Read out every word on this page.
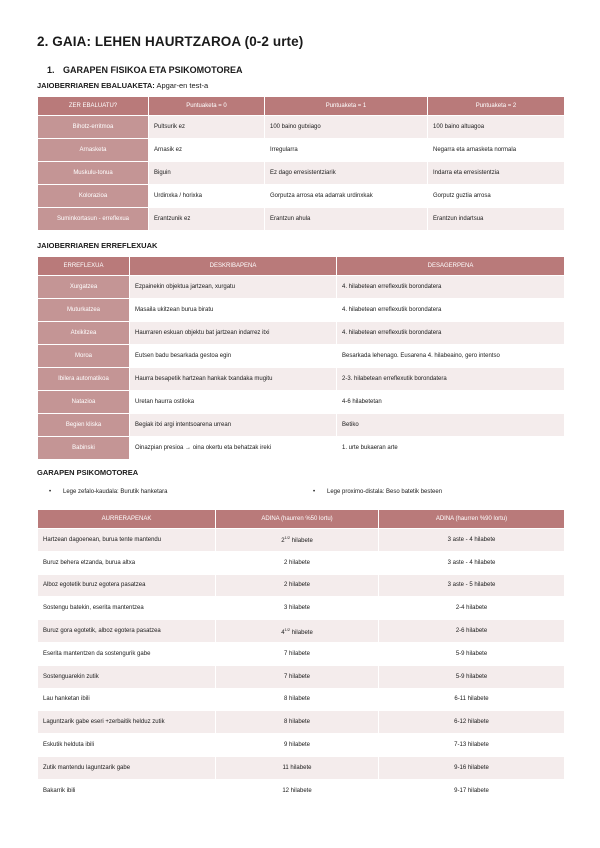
2. GAIA: LEHEN HAURTZAROA (0-2 urte)

1. GARAPEN FISIKOA ETA PSIKOMOTOREA

JAIOBERRIAREN EBALUAKETA: Apgar-en test-a

ZER EBALUATU?	Puntuaketa = 0	Puntuaketa = 1	Puntuaketa = 2
Bihotz-erritmoa	Pultsurik ez	100 baino gutxiago	100 baino altuagoa
Arnasketa	Arnasik ez	Irregularra	Negarra eta arnasketa normala
Muskulu-tonua	Biguin	Ez dago erresistentziarik	Indarra eta erresistentzia
Kolorazioa	Urdinxka / horixka	Gorputza arrosa eta adarrak urdinxkak	Gorputz guztia arrosa
Suminkortasun - erreflexua	Erantzunik ez	Erantzun ahula	Erantzun indartsua

JAIOBERRIAREN ERREFLEXUAK

ERREFLEXUA	DESKRIBAPENA	DESAGERPENA
Xurgatzea	Ezpainekin objektua jartzean, xurgatu	4. hilabetean erreflexutik borondatera
Muturkatzea	Masaila ukitzean burua biratu	4. hilabetean erreflexutik borondatera
Atxikitzea	Haurraren eskuan objektu bat jartzean indarrez itxi	4. hilabetean erreflexutik borondatera
Moroa	Eutsen badu besarkada gestoa egin	Besarkada lehenago. Eusarena 4. hilabeaino, gero intentso
Ibilera automatikoa	Haurra besapetik hartzean hankak txandaka mugitu	2-3. hilabetean erreflexutik borondatera
Natazioa	Uretan haurra ostiloka	4-6 hilabetetan
Begien kliska	Begiak itxi argi intentsoarena urrean	Betiko
Babinski	Oinazpian presioa → oina okertu eta behatzak ireki	1. urte bukaeran arte

GARAPEN PSIKOMOTOREA

• Lege zefalo-kaudala: Burutik hanketara	• Lege proximo-distala: Beso batetik besteen
AURRERAPENAK	ADINA (haurren %50 lortu)	ADINA (haurren %90 lortu)
Hartzean dagoenean, burua tente mantendu	$2^{1/2}$ hilabete	3 aste - 4 hilabete
Buruz behera etzanda, burua altxa	2 hilabete	3 aste - 4 hilabete
Alboz egotetik buruz egotera pasatzea	2 hilabete	3 aste - 5 hilabete
Sostengu batekin, eserita mantentzea	3 hilabete	2-4 hilabete
Buruz gora egotetik, alboz egotera pasatzea	$4^{1/2}$ hilabete	2-6 hilabete
Eserita mantentzen da sostengurik gabe	7 hilabete	5-9 hilabete
Sostenguarekin zutik	7 hilabete	5-9 hilabete
Lau hanketan ibili	8 hilabete	6-11 hilabete
Laguntzarik gabe eseri +zerbaitik helduz zutik	8 hilabete	6-12 hilabete
Eskutik helduta ibili	9 hilabete	7-13 hilabete
Zutik mantendu laguntzarik gabe	11 hilabete	9-16 hilabete
Bakarrik ibili	12 hilabete	9-17 hilabete
